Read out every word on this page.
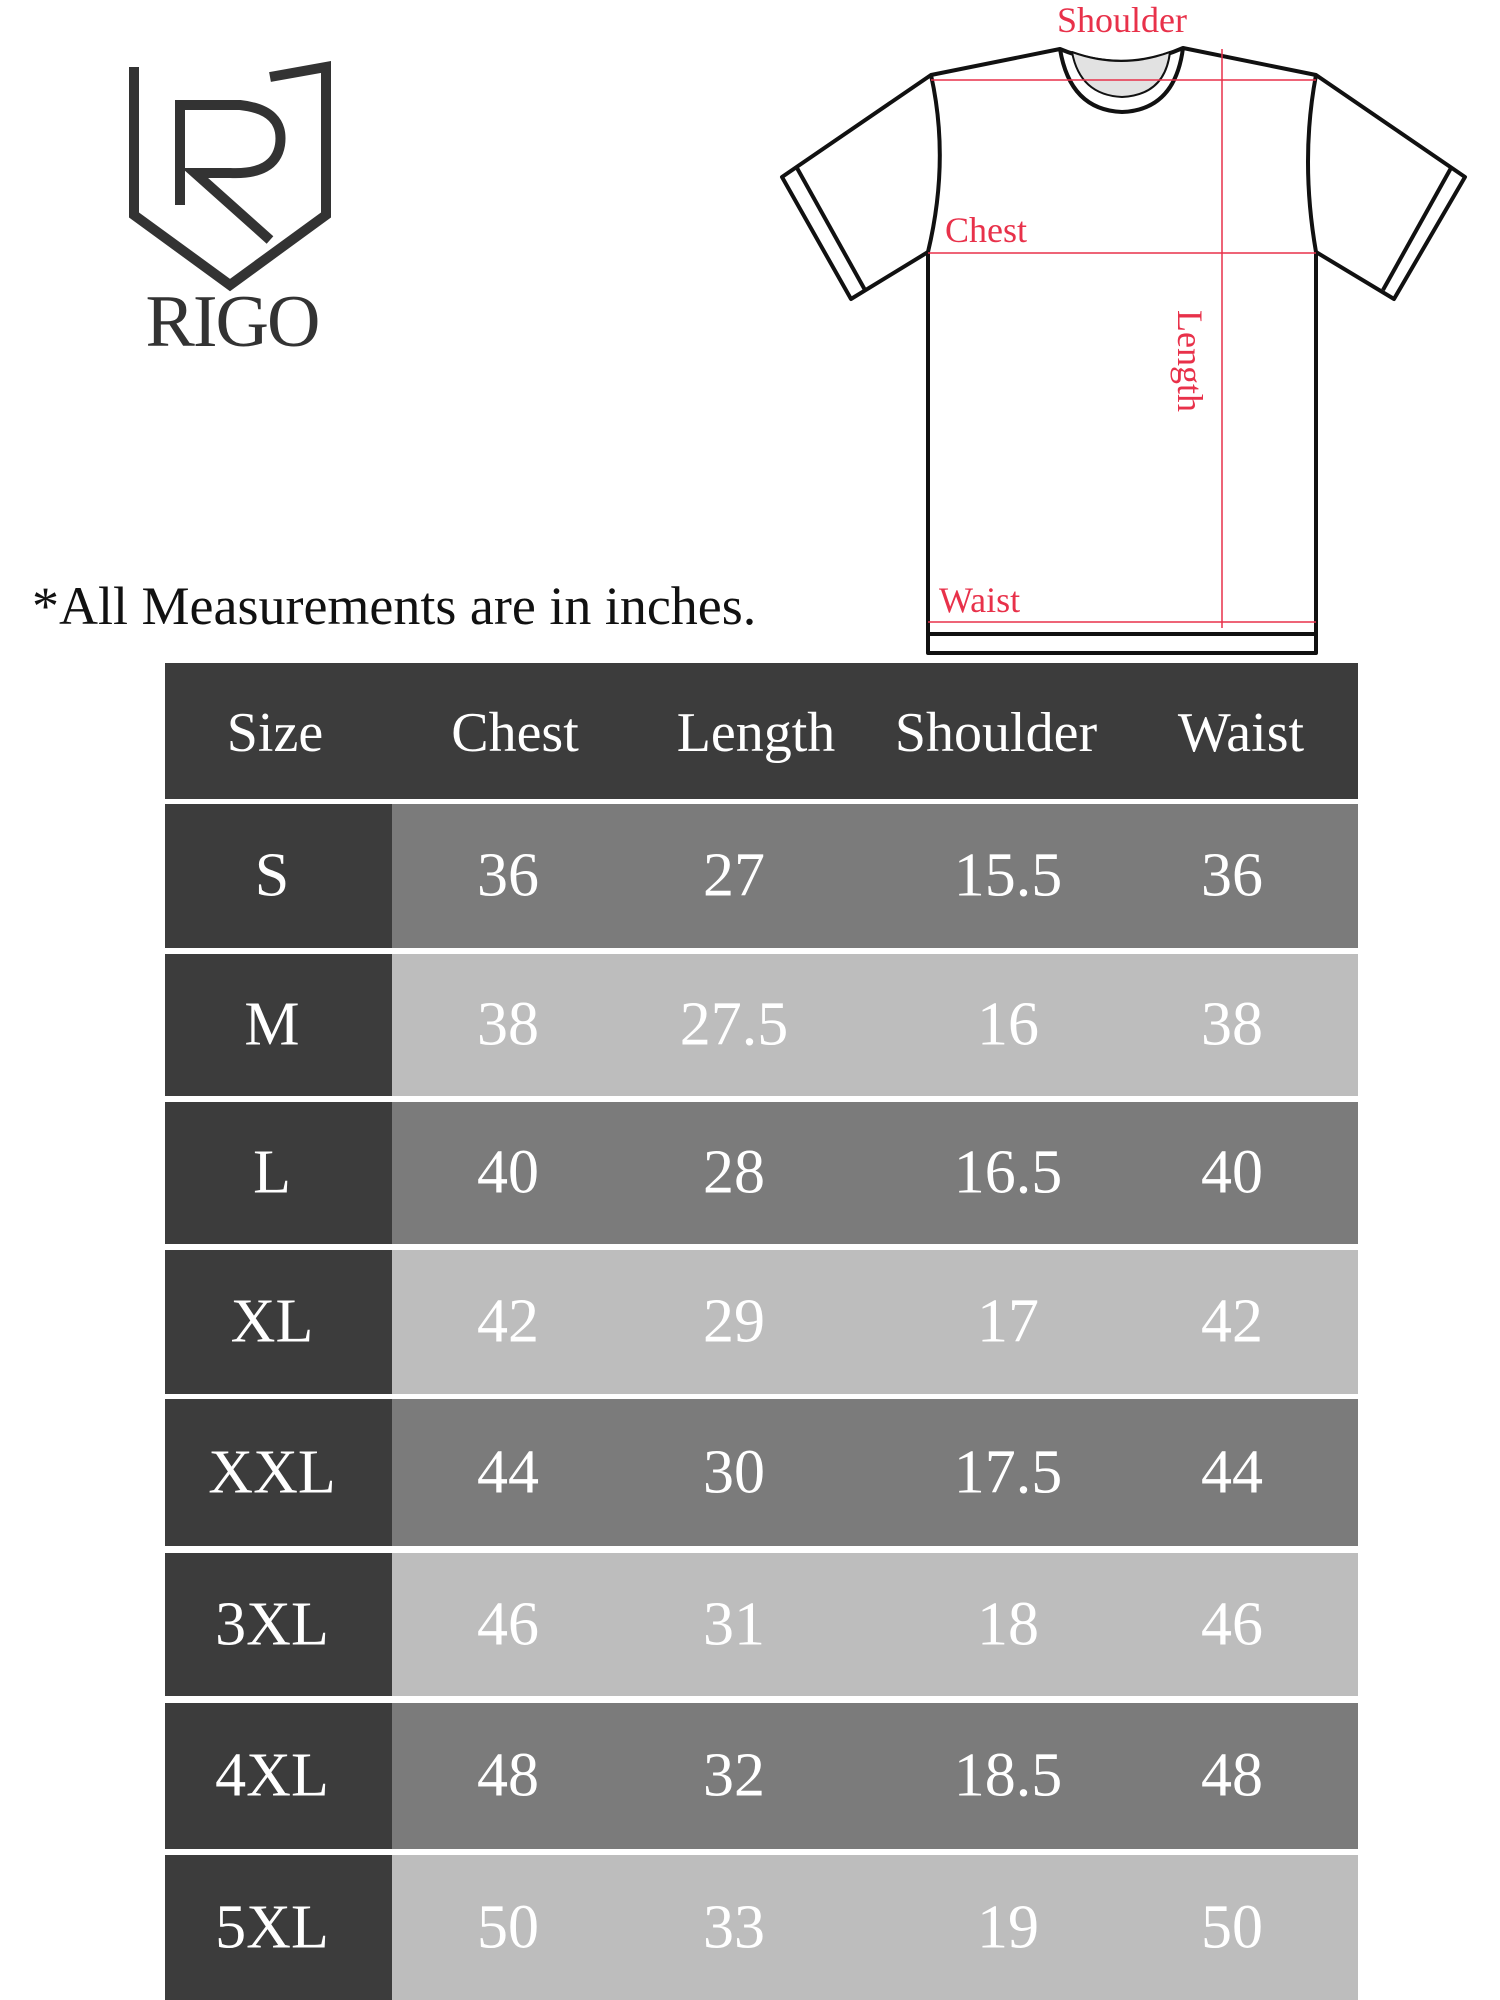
RIGO
Shoulder
Chest
Length
Waist
*All Measurements are in inches.
Size Chest Length Shoulder Waist
S	36	27	15.5 36
M	38 27.5	16	38
L	40	28	16.5 40
XL	42	29	17	42
XXL 44	30	17.5 44
3XL 46	31	18	46
4XL 48	32	18.5 48
5XL 50	33	19	50
